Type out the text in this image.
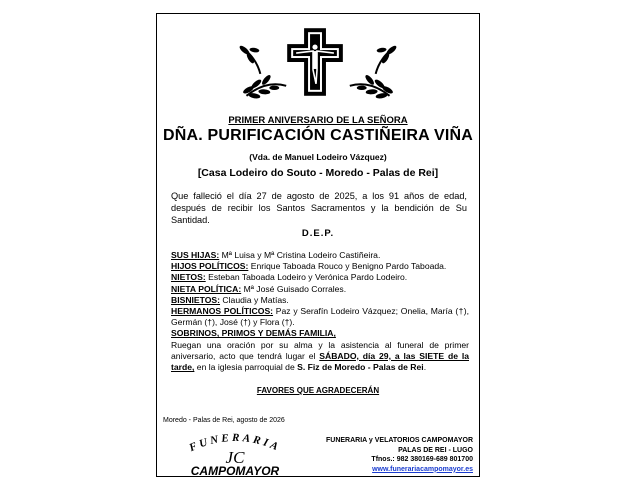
PRIMER ANIVERSARIO DE LA SEÑORA
DÑA. PURIFICACIÓN CASTIÑEIRA VIÑA
(Vda. de Manuel Lodeiro Vázquez)
[Casa Lodeiro do Souto - Moredo - Palas de Rei]
Que falleció el día 27 de agosto de 2025, a los 91 años de edad, después de recibir los Santos Sacramentos y la bendición de Su Santidad.
D.E.P.
SUS HIJAS: Mª Luisa y Mª Cristina Lodeiro Castiñeira.
HIJOS POLÍTICOS: Enrique Taboada Rouco y Benigno Pardo Taboada.
NIETOS: Esteban Taboada Lodeiro y Verónica Pardo Lodeiro.
NIETA POLÍTICA: Mª José Guisado Corrales.
BISNIETOS: Claudia y Matías.
HERMANOS POLÍTICOS: Paz y Serafín Lodeiro Vázquez; Onelia, María (†), Germán (†), José (†) y Flora (†).
SOBRINOS, PRIMOS Y DEMÁS FAMILIA,
Ruegan una oración por su alma y la asistencia al funeral de primer aniversario, acto que tendrá lugar el SÁBADO, día 29, a las SIETE de la tarde, en la iglesia parroquial de S. Fiz de Moredo - Palas de Rei.
FAVORES QUE AGRADECERÁN
Moredo - Palas de Rei, agosto de 2026
FUNERARIA
JC
CAMPOMAYOR
FUNERARIA y VELATORIOS CAMPOMAYOR
PALAS DE REI - LUGO
Tfnos.: 982 380169-689 801700
www.funerariacampomayor.es
